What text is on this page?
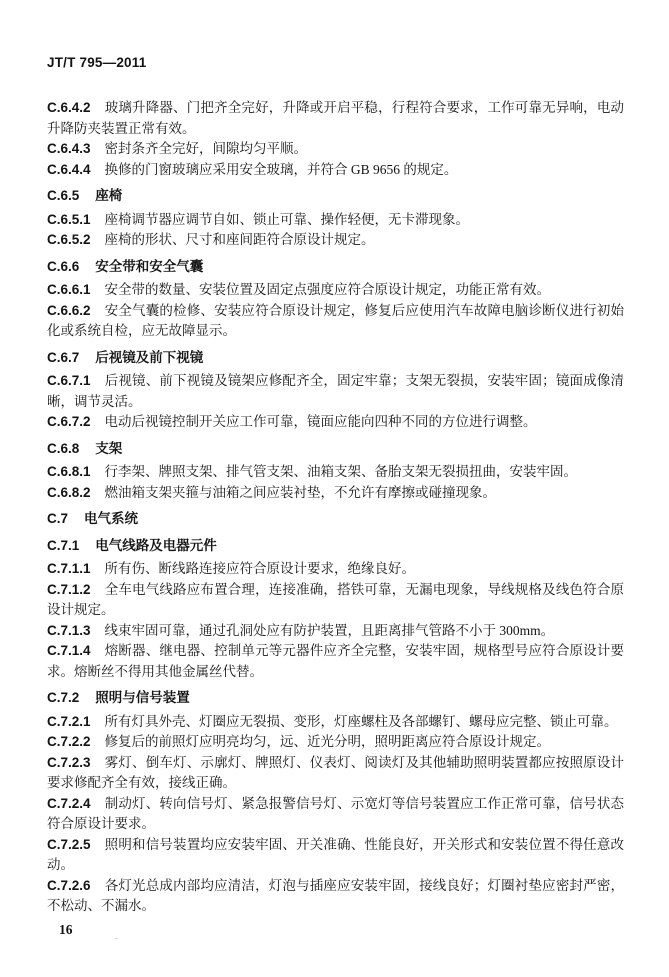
JT/T 795—2011

C.6.4.2 玻璃升降器、门把齐全完好，升降或开启平稳，行程符合要求，工作可靠无异响，电动升降防夹装置正常有效。

C.6.4.3 密封条齐全完好，间隙均匀平顺。

C.6.4.4 换修的门窗玻璃应采用安全玻璃，并符合 GB 9656 的规定。

C.6.5 座椅

C.6.5.1 座椅调节器应调节自如、锁止可靠、操作轻便，无卡滞现象。

C.6.5.2 座椅的形状、尺寸和座间距符合原设计规定。

C.6.6 安全带和安全气囊

C.6.6.1 安全带的数量、安装位置及固定点强度应符合原设计规定，功能正常有效。

C.6.6.2 安全气囊的检修、安装应符合原设计规定，修复后应使用汽车故障电脑诊断仪进行初始化或系统自检，应无故障显示。

C.6.7 后视镜及前下视镜

C.6.7.1 后视镜、前下视镜及镜架应修配齐全，固定牢靠；支架无裂损，安装牢固；镜面成像清晰，调节灵活。

C.6.7.2 电动后视镜控制开关应工作可靠，镜面应能向四种不同的方位进行调整。

C.6.8 支架

C.6.8.1 行李架、牌照支架、排气管支架、油箱支架、备胎支架无裂损扭曲，安装牢固。

C.6.8.2 燃油箱支架夹箍与油箱之间应装衬垫，不允许有摩擦或碰撞现象。

C.7 电气系统

C.7.1 电气线路及电器元件

C.7.1.1 所有伤、断线路连接应符合原设计要求，绝缘良好。

C.7.1.2 全车电气线路应布置合理，连接准确，搭铁可靠，无漏电现象，导线规格及线色符合原设计规定。

C.7.1.3 线束牢固可靠，通过孔洞处应有防护装置，且距离排气管路不小于 300mm。

C.7.1.4 熔断器、继电器、控制单元等元器件应齐全完整，安装牢固，规格型号应符合原设计要求。熔断丝不得用其他金属丝代替。

C.7.2 照明与信号装置

C.7.2.1 所有灯具外壳、灯圈应无裂损、变形，灯座螺柱及各部螺钉、螺母应完整、锁止可靠。

C.7.2.2 修复后的前照灯应明亮均匀，远、近光分明，照明距离应符合原设计规定。

C.7.2.3 雾灯、倒车灯、示廓灯、牌照灯、仪表灯、阅读灯及其他辅助照明装置都应按照原设计要求修配齐全有效，接线正确。

C.7.2.4 制动灯、转向信号灯、紧急报警信号灯、示宽灯等信号装置应工作正常可靠，信号状态符合原设计要求。

C.7.2.5 照明和信号装置均应安装牢固、开关准确、性能良好，开关形式和安装位置不得任意改动。

C.7.2.6 各灯光总成内部均应清洁，灯泡与插座应安装牢固，接线良好；灯圈衬垫应密封严密，不松动、不漏水。

16
